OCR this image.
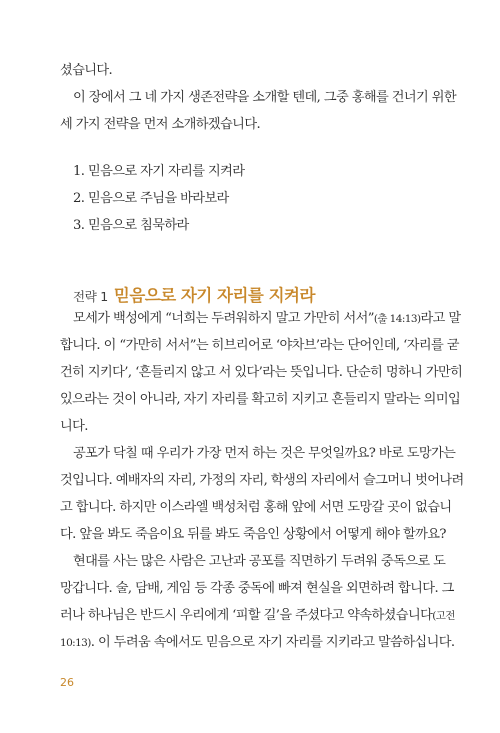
셨습니다.
이 장에서 그 네 가지 생존전략을 소개할 텐데, 그중 홍해를 건너기 위한
세 가지 전략을 먼저 소개하겠습니다.
1. 믿음으로 자기 자리를 지켜라
2. 믿음으로 주님을 바라보라
3. 믿음으로 침묵하라
전략 1 믿음으로 자기 자리를 지켜라
모세가 백성에게 “너희는 두려워하지 말고 가만히 서서”(출 14:13)라고 말
합니다. 이 “가만히 서서”는 히브리어로 ‘야차브’라는 단어인데, ‘자리를 굳
건히 지키다’, ‘흔들리지 않고 서 있다’라는 뜻입니다. 단순히 멍하니 가만히
있으라는 것이 아니라, 자기 자리를 확고히 지키고 흔들리지 말라는 의미입
니다.
공포가 닥칠 때 우리가 가장 먼저 하는 것은 무엇일까요? 바로 도망가는
것입니다. 예배자의 자리, 가정의 자리, 학생의 자리에서 슬그머니 벗어나려
고 합니다. 하지만 이스라엘 백성처럼 홍해 앞에 서면 도망갈 곳이 없습니
다. 앞을 봐도 죽음이요 뒤를 봐도 죽음인 상황에서 어떻게 해야 할까요?
현대를 사는 많은 사람은 고난과 공포를 직면하기 두려워 중독으로 도
망갑니다. 술, 담배, 게임 등 각종 중독에 빠져 현실을 외면하려 합니다. 그
러나 하나님은 반드시 우리에게 ‘피할 길’을 주셨다고 약속하셨습니다(고전
10:13). 이 두려움 속에서도 믿음으로 자기 자리를 지키라고 말씀하십니다.
26
